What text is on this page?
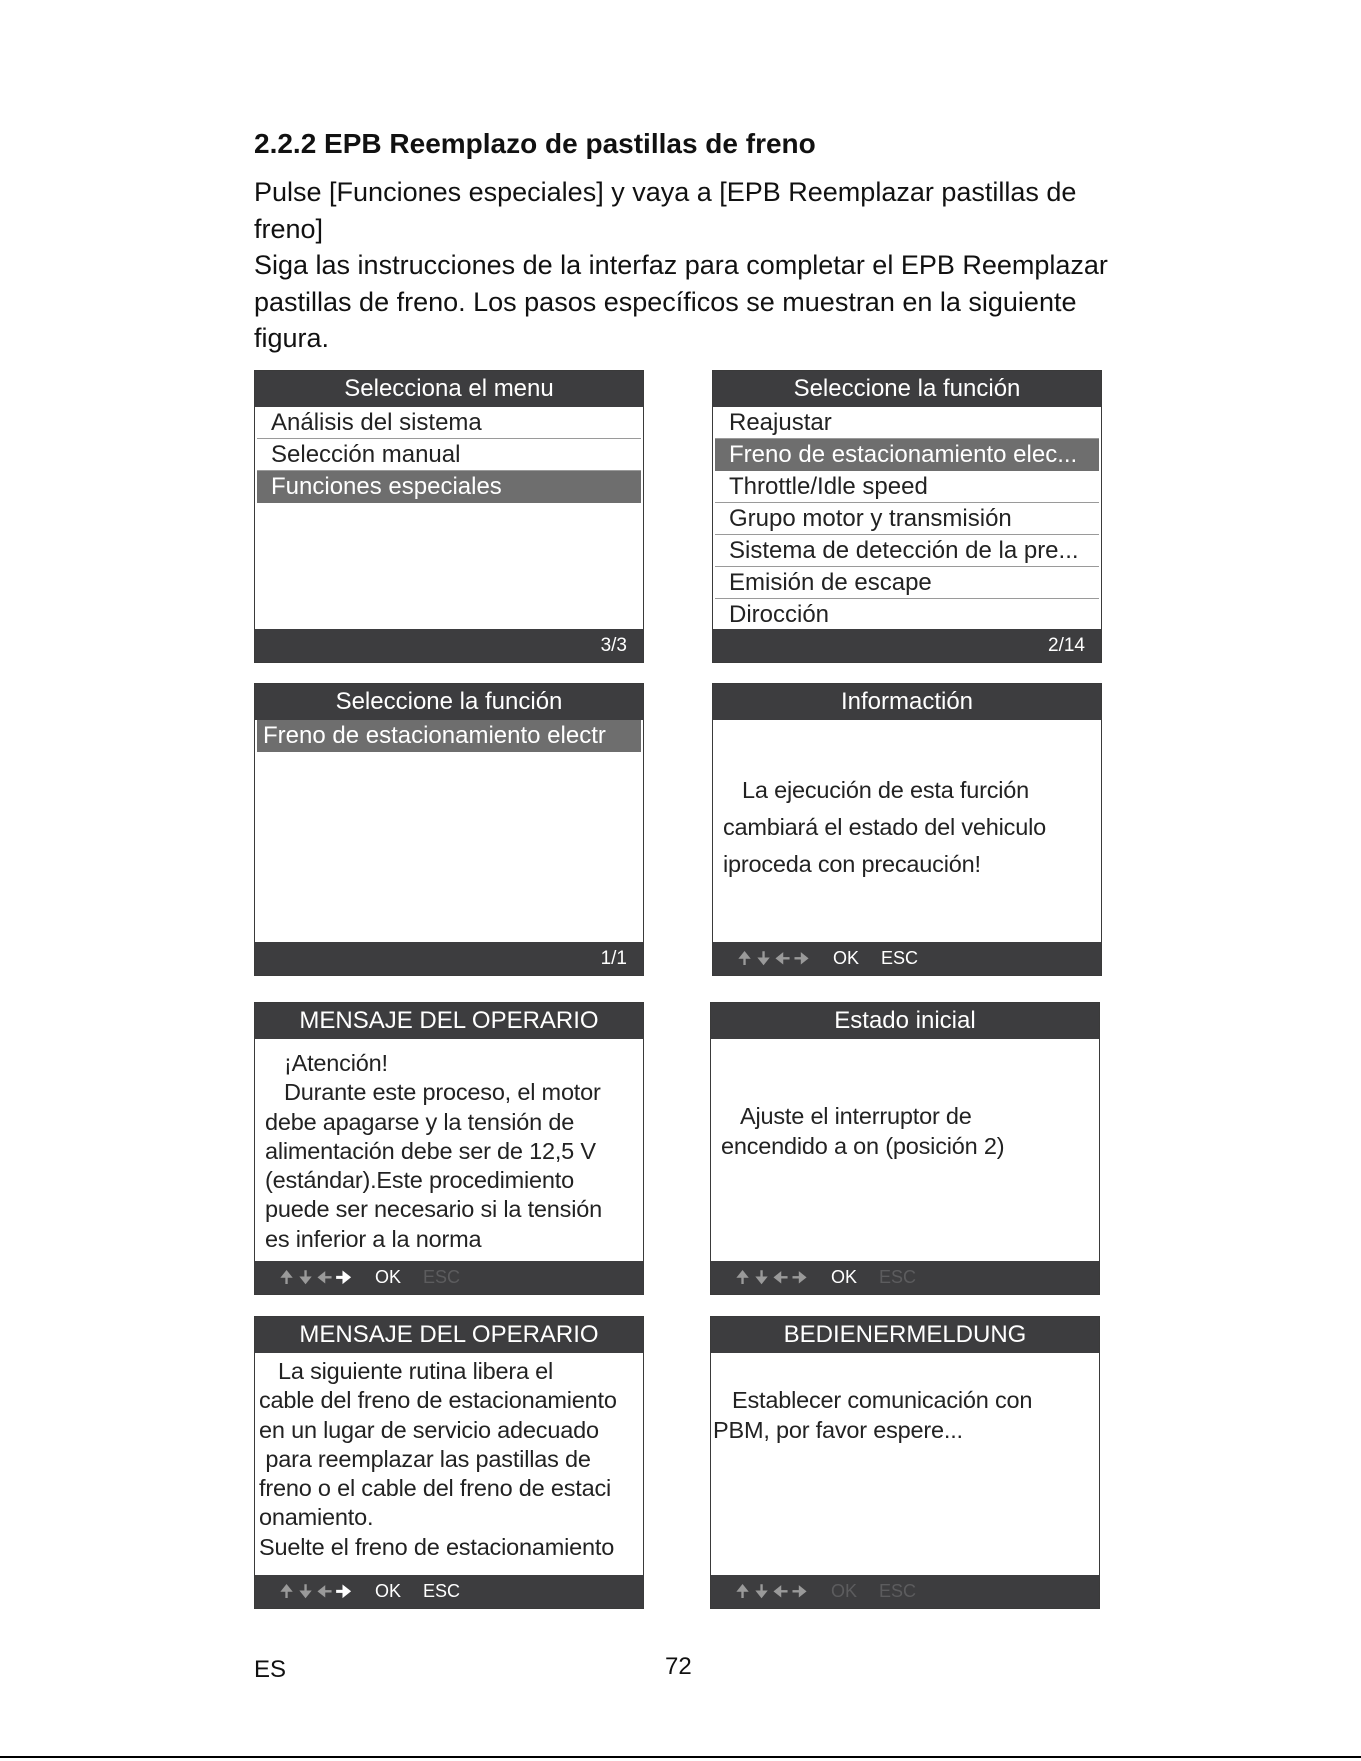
2.2.2 EPB Reemplazo de pastillas de freno

Pulse [Funciones especiales] y vaya a [EPB Reemplazar pastillas de freno]

Siga las instrucciones de la interfaz para completar el EPB Reemplazar pastillas de freno. Los pasos específicos se muestran en la siguiente figura.

Selecciona el menu
Análisis del sistema
Selección manual
Funciones especiales
3/3
Seleccione la función
Reajustar
Freno de estacionamiento elec...
Throttle/Idle speed
Grupo motor y transmisión
Sistema de detección de la pre...
Emisión de escape
Dirocción
2/14
Seleccione la función
Freno de estacionamiento electr
1/1
Informactión

La ejecución de esta furción
cambiará el estado del vehiculo
iproceda con precaución!

🠉 🠋 🠈 🠊 OK ESC
MENSAJE DEL OPERARIO

¡Atención!
Durante este proceso, el motor
debe apagarse y la tensión de
alimentación debe ser de 12,5 V
(estándar).Este procedimiento
puede ser necesario si la tensión
es inferior a la norma

🠉 🠋 🠈 🠊 OK ESC
Estado inicial

Ajuste el interruptor de
encendido a on (posición 2)

🠉 🠋 🠈 🠊 OK ESC
MENSAJE DEL OPERARIO

La siguiente rutina libera el
cable del freno de estacionamiento
en un lugar de servicio adecuado
para reemplazar las pastillas de
freno o el cable del freno de estaci
onamiento.
Suelte el freno de estacionamiento

🠉 🠋 🠈 🠊 OK ESC
BEDIENERMELDUNG

Establecer comunicación con
PBM, por favor espere...

🠉 🠋 🠈 🠊 OK ESC
ES	72
